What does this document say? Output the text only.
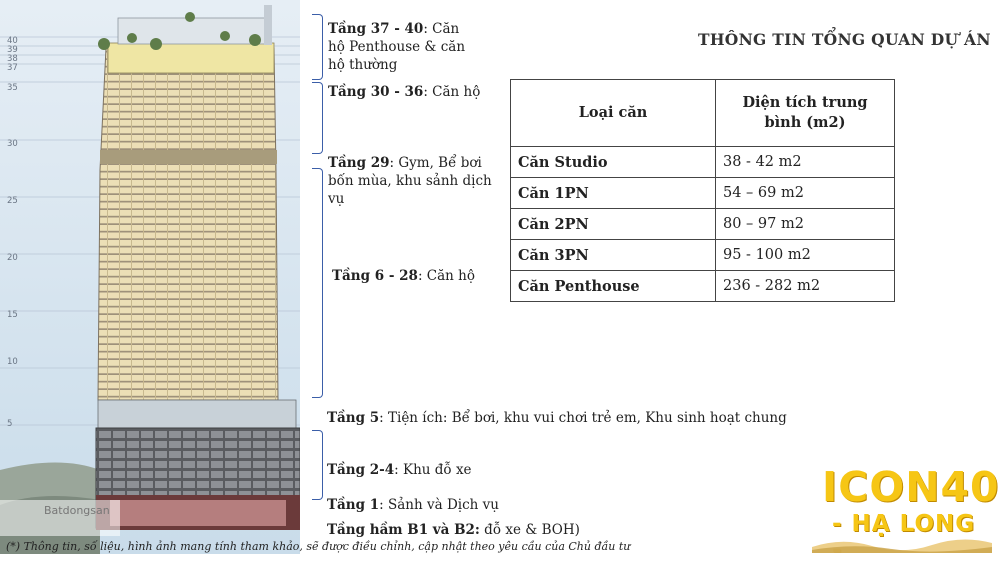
Batdongsan
40
39
38
37
35
30
25
20
15
10
5
Tầng 37 - 40: Căn hộ Penthouse & căn hộ thường
Tầng 30 - 36: Căn hộ
Tầng 29: Gym, Bể bơi bốn mùa, khu sảnh dịch vụ
Tầng 6 - 28: Căn hộ
Tầng 5: Tiện ích: Bể bơi, khu vui chơi trẻ em, Khu sinh hoạt chung
Tầng 2-4: Khu đỗ xe
Tầng 1: Sảnh và Dịch vụ
Tầng hầm B1 và B2: đỗ xe & BOH)
THÔNG TIN TỔNG QUAN DỰ ÁN
Loại căn	Diện tích trung bình (m2)
Căn Studio	38 - 42 m2
Căn 1PN	54 – 69 m2
Căn 2PN	80 – 97 m2
Căn 3PN	95 - 100 m2
Căn Penthouse	236 - 282 m2
ICON40
- HẠ LONG
(*) Thông tin, số liệu, hình ảnh mang tính tham khảo, sẽ được điều chỉnh, cập nhật theo yêu cầu của Chủ đầu tư
